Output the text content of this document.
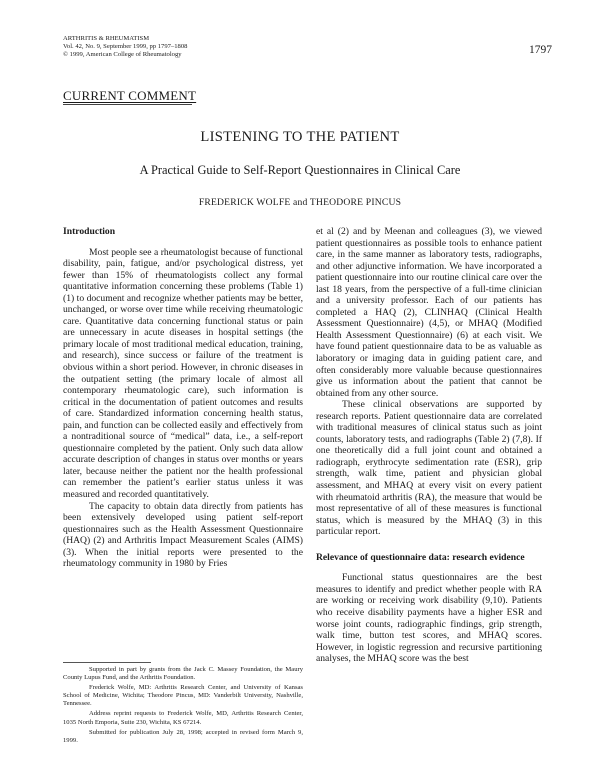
ARTHRITIS & RHEUMATISM
Vol. 42, No. 9, September 1999, pp 1797–1808
© 1999, American College of Rheumatology	1797
CURRENT COMMENT
LISTENING TO THE PATIENT
A Practical Guide to Self-Report Questionnaires in Clinical Care
FREDERICK WOLFE and THEODORE PINCUS
Introduction

Most people see a rheumatologist because of functional disability, pain, fatigue, and/or psychological distress, yet fewer than 15% of rheumatologists collect any formal quantitative information concerning these problems (Table 1) (1) to document and recognize whether patients may be better, unchanged, or worse over time while receiving rheumatologic care. Quantitative data concerning functional status or pain are unnecessary in acute diseases in hospital settings (the primary locale of most traditional medical education, training, and research), since success or failure of the treatment is obvious within a short period. However, in chronic diseases in the outpatient setting (the primary locale of almost all contemporary rheumatologic care), such information is critical in the documentation of patient outcomes and results of care. Standardized information concerning health status, pain, and function can be collected easily and effectively from a nontraditional source of “medical” data, i.e., a self-report questionnaire completed by the patient. Only such data allow accurate description of changes in status over months or years later, because neither the patient nor the health professional can remember the patient’s earlier status unless it was measured and recorded quantitatively.

The capacity to obtain data directly from patients has been extensively developed using patient self-report questionnaires such as the Health Assessment Questionnaire (HAQ) (2) and Arthritis Impact Measurement Scales (AIMS) (3). When the initial reports were presented to the rheumatology community in 1980 by Fries

Supported in part by grants from the Jack C. Massey Foundation, the Maury County Lupus Fund, and the Arthritis Foundation.

Frederick Wolfe, MD: Arthritis Research Center, and University of Kansas School of Medicine, Wichita; Theodore Pincus, MD: Vanderbilt University, Nashville, Tennessee.

Address reprint requests to Frederick Wolfe, MD, Arthritis Research Center, 1035 North Emporia, Suite 230, Wichita, KS 67214.

Submitted for publication July 28, 1998; accepted in revised form March 9, 1999.

et al (2) and by Meenan and colleagues (3), we viewed patient questionnaires as possible tools to enhance patient care, in the same manner as laboratory tests, radiographs, and other adjunctive information. We have incorporated a patient questionnaire into our routine clinical care over the last 18 years, from the perspective of a full-time clinician and a university professor. Each of our patients has completed a HAQ (2), CLINHAQ (Clinical Health Assessment Questionnaire) (4,5), or MHAQ (Modified Health Assessment Questionnaire) (6) at each visit. We have found patient questionnaire data to be as valuable as laboratory or imaging data in guiding patient care, and often considerably more valuable because questionnaires give us information about the patient that cannot be obtained from any other source.

These clinical observations are supported by research reports. Patient questionnaire data are correlated with traditional measures of clinical status such as joint counts, laboratory tests, and radiographs (Table 2) (7,8). If one theoretically did a full joint count and obtained a radiograph, erythrocyte sedimentation rate (ESR), grip strength, walk time, patient and physician global assessment, and MHAQ at every visit on every patient with rheumatoid arthritis (RA), the measure that would be most representative of all of these measures is functional status, which is measured by the MHAQ (3) in this particular report.

Relevance of questionnaire data: research evidence

Functional status questionnaires are the best measures to identify and predict whether people with RA are working or receiving work disability (9,10). Patients who receive disability payments have a higher ESR and worse joint counts, radiographic findings, grip strength, walk time, button test scores, and MHAQ scores. However, in logistic regression and recursive partitioning analyses, the MHAQ score was the best
